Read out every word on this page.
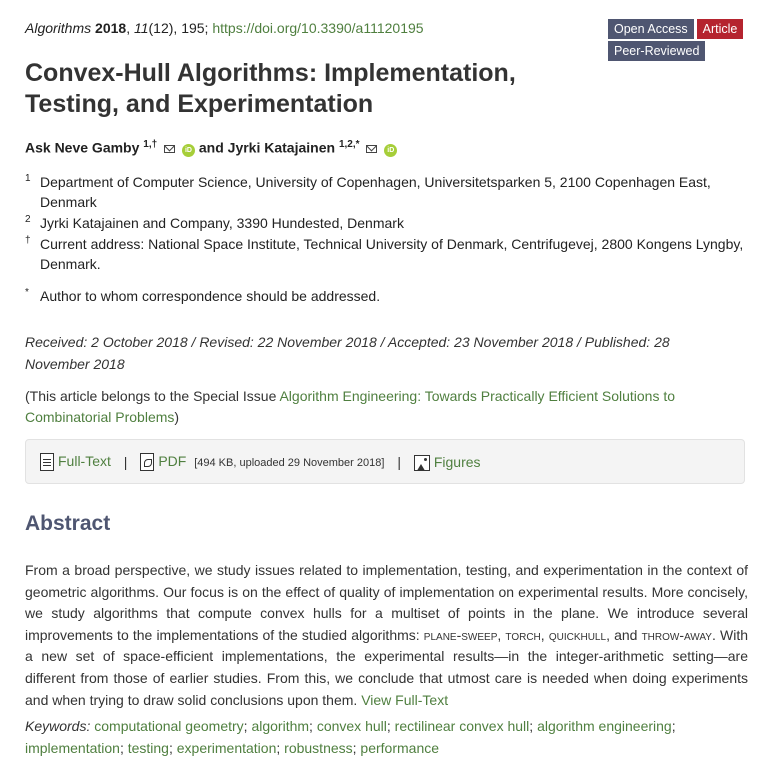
Algorithms 2018, 11(12), 195; https://doi.org/10.3390/a11120195	Open Access Article
Peer-Reviewed
Convex-Hull Algorithms: Implementation, Testing, and Experimentation
Ask Neve Gamby $^{1,\dagger}$  iD and Jyrki Katajainen $^{1,2,*}$  iD
1 Department of Computer Science, University of Copenhagen, Universitetsparken 5, 2100 Copenhagen East, Denmark
2 Jyrki Katajainen and Company, 3390 Hundested, Denmark
† Current address: National Space Institute, Technical University of Denmark, Centrifugevej, 2800 Kongens Lyngby, Denmark.
* Author to whom correspondence should be addressed.
Received: 2 October 2018 / Revised: 22 November 2018 / Accepted: 23 November 2018 / Published: 28 November 2018
(This article belongs to the Special Issue Algorithm Engineering: Towards Practically Efficient Solutions to Combinatorial Problems)
Full-Text | PDF [494 KB, uploaded 29 November 2018] | Figures
Abstract
From a broad perspective, we study issues related to implementation, testing, and experimentation in the context of geometric algorithms. Our focus is on the effect of quality of implementation on experimental results. More concisely, we study algorithms that compute convex hulls for a multiset of points in the plane. We introduce several improvements to the implementations of the studied algorithms: plane-sweep, torch, quickhull, and throw-away. With a new set of space-efficient implementations, the experimental results—in the integer-arithmetic setting—are different from those of earlier studies. From this, we conclude that utmost care is needed when doing experiments and when trying to draw solid conclusions upon them. View Full-Text
Keywords: computational geometry; algorithm; convex hull; rectilinear convex hull; algorithm engineering; implementation; testing; experimentation; robustness; performance
